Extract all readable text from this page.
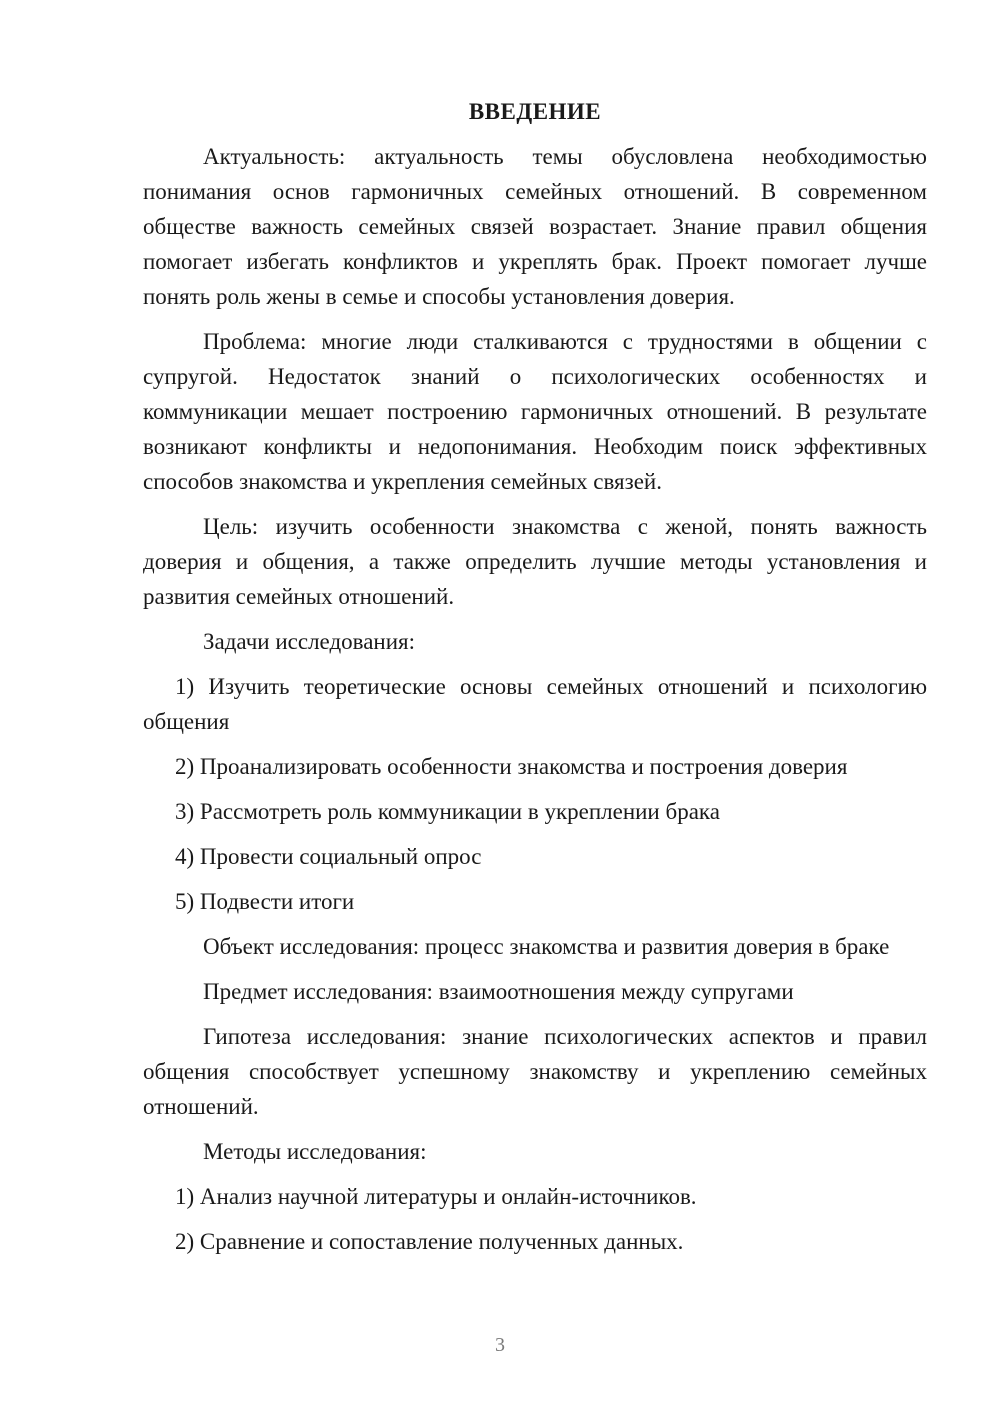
ВВЕДЕНИЕ

Актуальность: актуальность темы обусловлена необходимостью понимания основ гармоничных семейных отношений. В современном обществе важность семейных связей возрастает. Знание правил общения помогает избегать конфликтов и укреплять брак. Проект помогает лучше понять роль жены в семье и способы установления доверия.

Проблема: многие люди сталкиваются с трудностями в общении с супругой. Недостаток знаний о психологических особенностях и коммуникации мешает построению гармоничных отношений. В результате возникают конфликты и недопонимания. Необходим поиск эффективных способов знакомства и укрепления семейных связей.

Цель: изучить особенности знакомства с женой, понять важность доверия и общения, а также определить лучшие методы установления и развития семейных отношений.

Задачи исследования:

1) Изучить теоретические основы семейных отношений и психологию общения

2) Проанализировать особенности знакомства и построения доверия

3) Рассмотреть роль коммуникации в укреплении брака

4) Провести социальный опрос

5) Подвести итоги

Объект исследования: процесс знакомства и развития доверия в браке

Предмет исследования: взаимоотношения между супругами

Гипотеза исследования: знание психологических аспектов и правил общения способствует успешному знакомству и укреплению семейных отношений.

Методы исследования:

1) Анализ научной литературы и онлайн-источников.

2) Сравнение и сопоставление полученных данных.

3
